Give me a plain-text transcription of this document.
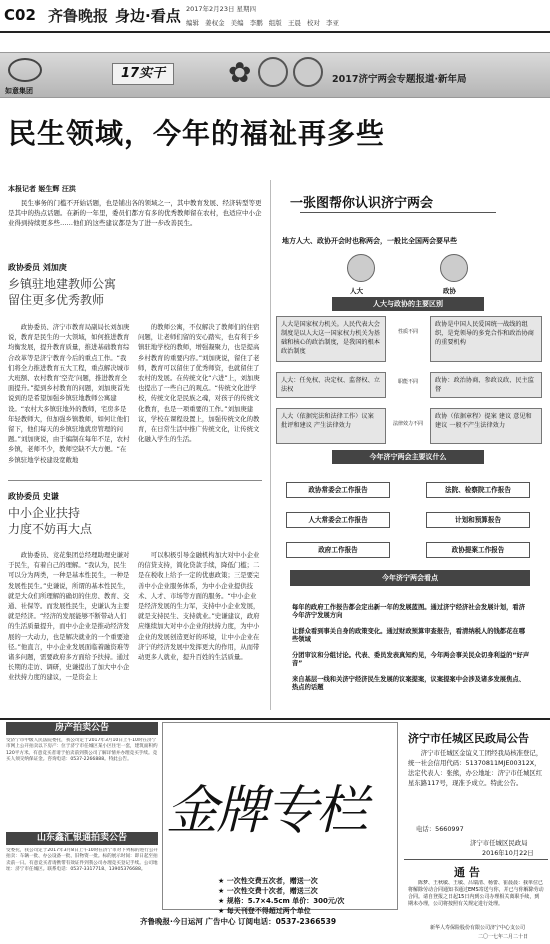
C02 齐鲁晚报 身边·看点 2017年2月23日 星期四
编辑 姜权金 美编 李鹏 组版 王晨 校对 李亚
如意集团
17实干	✿	2017济宁两会专题报道·新年局
民生领域，今年的福祉再多些
本报记者 姬生辉 汪洪
民生事务的门槛不开始话题，也是铺出各的领域之一，其中教育发展、经济转型等更是其中的热点话题。在新的一年里，委员们都方有多的优秀教师留在农村，也适应中小企业得到持续更多些……他们的这些建议都是为了进一步改善民生。
政协委员 刘加庚
乡镇驻地建教师公寓
留住更多优秀教师
政协委员、济宁市教育局副局长刘加庚说，教育是民生的一大领域，如何推进教育均衡发展，提升教育质量，推进基础教育综合改革等是济宁教育今后的重点工作。“我们将全力推进教育五大工程，重点解决城市大班额、农村教育‘空壳’问题，推进教育全面提升。”提到乡村教育的问题，刘加庚首先说到的是希望加强乡镇驻地教师公寓建设。“农村大多镇驻地外的教师，宅房多是年轻教师大，但加强乡镇教师，如何让他们留下，他们每天的乡镇驻地就房管理的问题。”刘加庚说，由于编制在每年不足，农村乡镇，老师不少，教师空缺不大方便。“在乡镇驻地学校建设宽敞地
的教师公寓，不仅解决了教师们的住宿问题，让老师们留的安心踏实，也有利于乡镇驻地学校的教师，增强凝聚力，也是提高乡村教育的重要内容。”刘加庚说，留住了老师，教育可以留住了优秀师资，也就留住了农村的发展。在传统文化“六进”上，刘加庚也提出了一些自己的观点。“传统文化进学校，传统文化是民族之魂，对孩子的传统文化教育，也是一项重要的工作。”刘加庚建议，学校在课程设置上，加强传统文化的教育，在日常生活中推广传统文化，让传统文化融入学生的生活。
政协委员 史谦
中小企业扶持
力度不妨再大点
政协委员、竞花集团总经理助理史谦对于民生，有着自己的理解。“我认为，民生可以分为两类，一种是基本性民生，一种是发展性民生。”史谦说，所谓的基本性民生，就是大众们所理解的确切的住房、教育、交通、社保等。而发展性民生，史谦认为主要就是经济。“经济的发展能够不断带动人们的生活质量提升，而中小企业是推动经济发展的一大动力，也是解决就业的一个重要途径。”他直言，中小企业发展面临着融资难等诸多问题，需要政府多方面给予扶持。通过长期的走访、调研，史谦提出了加大中小企业扶持力度的建议，一是资金上
可以积极引导金融机构加大对中小企业的信贷支持，简化贷款手续，降低门槛；二是在税收上给予一定的优惠政策；三是要完善中小企业服务体系，为中小企业提供技术、人才、市场等方面的服务。“中小企业是经济发展的生力军，支持中小企业发展，就是支持民生、支持就业。”史谦建议，政府应继续加大对中小企业的扶持力度，为中小企业的发展创造更好的环境，让中小企业在济宁的经济发展中发挥更大的作用，从而带动更多人就业，提升百姓的生活质量。
一张图帮你认识济宁两会
地方人大、政协开会时也称两会，一般比全国两会要早些
人大	政协
人大与政协的主要区别
人大是国家权力机关。人民代表大会制度是以人大这一国家权力机关为基础和核心的政治制度，是我国的根本政治制度
人大：任免权、决定权、监督权、立法权
人大（依据宪法和法律工作）议案 批评和建议 产生法律效力
政协是中国人民爱国统一战线的组织，是党领导的多党合作和政治协商的重要机构
政协：政治协商、参政议政、民主监督
政协（依据章程）提案 建议 意见和建议 一般不产生法律效力
性质不同
职能不同
法律效力不同
今年济宁两会主要议什么
政协常委会工作报告
人大常委会工作报告
政府工作报告
法院、检察院工作报告
计划和预算报告
政协提案工作报告
今年济宁两会看点
每年的政府工作报告都会定出新一年的发展蓝图。通过济宁经济社会发展计划，看济今年济宁发展方向
让群众看到事关自身的政策变化。通过财政预算审查报告，看清纳税人的钱都花在哪些领域
分团审议和分组讨论。代表、委员发表真知灼见，今年两会事关民众切身利益的“好声音”
来自基层一线和关济宁经济民生发展的议案提案，议案提案中会涉及诸多发展焦点、热点的话题
房产拍卖公告
受济宁市中级人民法院委托，我公司定于2017年3月10日上午10时在济宁市网上公开拍卖以下房产：位于济宁市任城区某小区住宅一套，建筑面积约120平方米。有意竞买者请于拍卖前到我公司了解详情并办理竞买手续。竞买人须交纳保证金。咨询电话：0537-2266888。特此公告。
山东鑫汇银通拍卖公告
受委托，我公司定于2017年3月8日上午10时在济宁市对下列标的进行公开拍卖：车辆一批、办公设备一批、旧物资一批。标的展示时间：即日起至拍卖前一日。有意竞买者请携带有效证件到我公司办理竞买登记手续。公司地址：济宁市任城区。联系电话：0537-3317718、13905376688。
金牌专栏
★ 一次性交费五次者，赠送一次
★ 一次性交费十次者，赠送三次
★ 规格：5.7×4.5cm 单价：300元/次
★ 每天刊登不得超过两个单位
齐鲁晚报·今日运河 广告中心 订阅电话：0537-2366539
济宁市任城区民政局公告
济宁市任城区金谊义工团经我局核准登记，统一社会信用代码：51370811MJE00312X，法定代表人：张熊，办公地址：济宁市任城区红星东路117号，现准予成立。特此公告。
电话：5660997
济宁市任城区民政局
2016年10月22日
通 告
陈梦、王秋敏、王敏、吕瑞清、杨蕾、崔晨晨：我单位已将解除劳动合同通知书通过EMS寄送与你，并已与你解除劳动合同。请自登报之日起15日内到公司办理相关离职手续，到期未办理，公司将按照有关规定进行处理。
新华人寿保险股份有限公司济宁中心支公司
二〇一七年二月二十日
